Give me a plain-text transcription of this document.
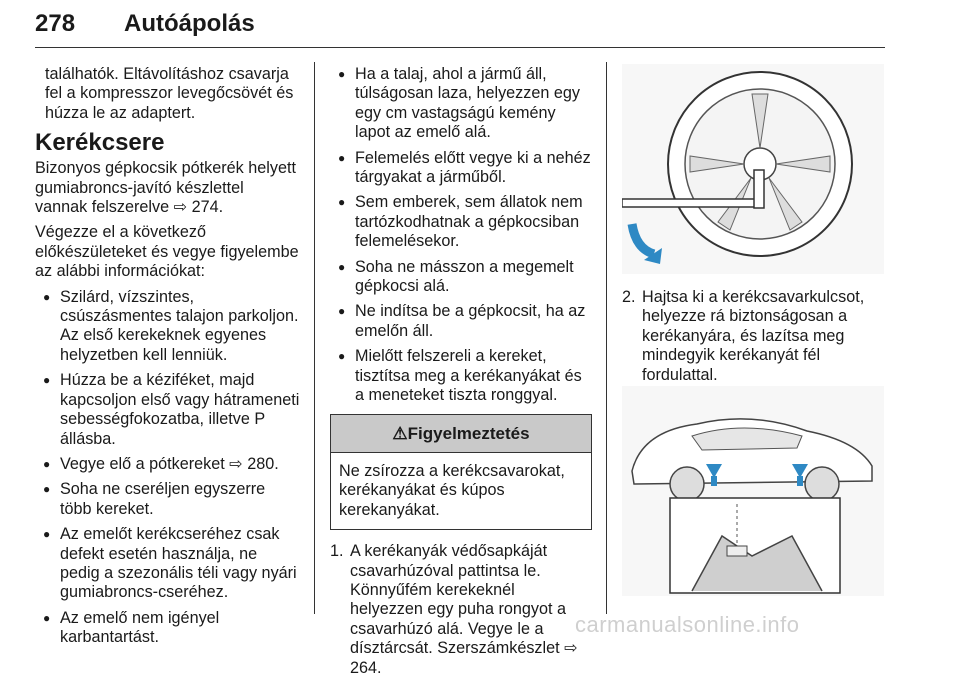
278 Autóápolás

találhatók. Eltávolításhoz csavarja fel a kompresszor levegőcsövét és húzza le az adaptert.

Kerékcsere

Bizonyos gépkocsik pótkerék helyett gumiabroncs-javító készlettel vannak felszerelve ⇨ 274.

Végezze el a következő előkészületeket és vegye figyelembe az alábbi információkat:

● Szilárd, vízszintes, csúszásmentes talajon parkoljon. Az első kerekeknek egyenes helyzetben kell lenniük.
● Húzza be a kéziféket, majd kapcsoljon első vagy hátrameneti sebességfokozatba, illetve P állásba.
● Vegye elő a pótkereket ⇨ 280.
● Soha ne cseréljen egyszerre több kereket.
● Az emelőt kerékcseréhez csak defekt esetén használja, ne pedig a szezonális téli vagy nyári gumiabroncs-cseréhez.
● Az emelő nem igényel karbantartást.
● Ha a talaj, ahol a jármű áll, túlságosan laza, helyezzen egy egy cm vastagságú kemény lapot az emelő alá.
● Felemelés előtt vegye ki a nehéz tárgyakat a járműből.
● Sem emberek, sem állatok nem tartózkodhatnak a gépkocsiban felemelésekor.
● Soha ne másszon a megemelt gépkocsi alá.
● Ne indítsa be a gépkocsit, ha az emelőn áll.
● Mielőtt felszereli a kereket, tisztítsa meg a kerékanyákat és a meneteket tiszta ronggyal.
⚠Figyelmeztetés
Ne zsírozza a kerékcsavarokat, kerékanyákat és kúpos kerekanyákat.
1. A kerékanyák védősapkáját csavarhúzóval pattintsa le. Könnyűfém kerekeknél helyezzen egy puha rongyot a csavarhúzó alá. Vegye le a dísztárcsát. Szerszámkészlet ⇨ 264.
2. Hajtsa ki a kerékcsavarkulcsot, helyezze rá biztonságosan a kerékanyára, és lazítsa meg mindegyik kerékanyát fél fordulattal.
carmanualsonline.info
